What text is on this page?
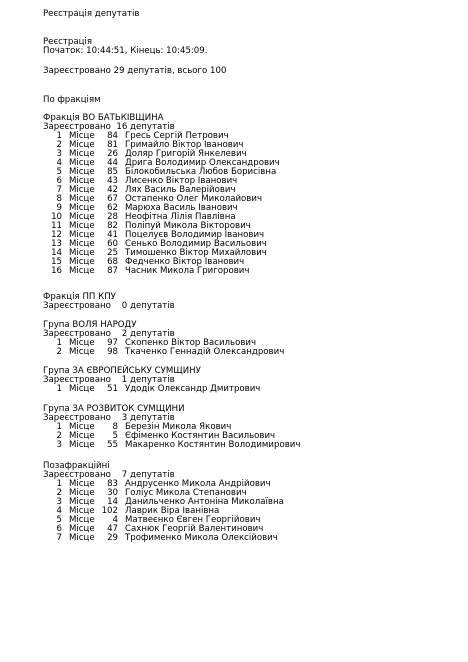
Реєстрація депутатів
Реєстрація
Початок: 10:44:51, Кінець: 10:45:09.
Зареєстровано 29 депутатів, всього 100
По фракціям
Фракція ВО БАТЬКІВЩИНА
Зареєстровано  16 депутатів
1 Місце	84 Гресь Сергій Петрович
2 Місце	81 Гримайло Віктор Іванович
3 Місце	26 Доляр Григорій Янкелевич
4 Місце	44 Дрига Володимир Олександрович
5 Місце	85 Білокобильська Любов Борисівна
6 Місце	43 Лисенко Віктор Іванович
7 Місце	42 Лях Василь Валерійович
8 Місце	67 Остапенко Олег Миколайович
9 Місце	62 Марюха Василь Іванович
10 Місце	28 Неофітна Лілія Павлівна
11 Місце	82 Поліпуй Микола Вікторович
12 Місце	41 Поцелуєв Володимир Іванович
13 Місце	60 Сенько Володимир Васильович
14 Місце	25 Тимошенко Віктор Михайлович
15 Місце	68 Федченко Віктор Іванович
16 Місце	87 Часник Микола Григорович
Фракція ПП КПУ
Зареєстровано    0 депутатів
Група ВОЛЯ НАРОДУ
Зареєстровано    2 депутатів
1 Місце	97 Скопенко Віктор Васильович
2 Місце	98 Ткаченко Геннадій Олександрович
Група ЗА ЄВРОПЕЙСЬКУ СУМЩИНУ
Зареєстровано    1 депутатів
1 Місце	51 Удодік Олександр Дмитрович
Група ЗА РОЗВИТОК СУМЩИНИ
Зареєстровано    3 депутатів
1 Місце	8 Березін Микола Якович
2 Місце	5 Єфіменко Костянтин Васильович
3 Місце	55 Макаренко Костянтин Володимирович
Позафракційні
Зареєстровано    7 депутатів
1 Місце	83 Андрусенко Микола Андрійович
2 Місце	30 Голіус Микола Степанович
3 Місце	14 Данильченко Антоніна Миколаївна
4 Місце 102 Лаврик Віра Іванівна
5 Місце	4 Матвеєнко Євген Георгійович
6 Місце	47 Сахнюк Георгій Валентинович
7 Місце	29 Трофименко Микола Олексійович
